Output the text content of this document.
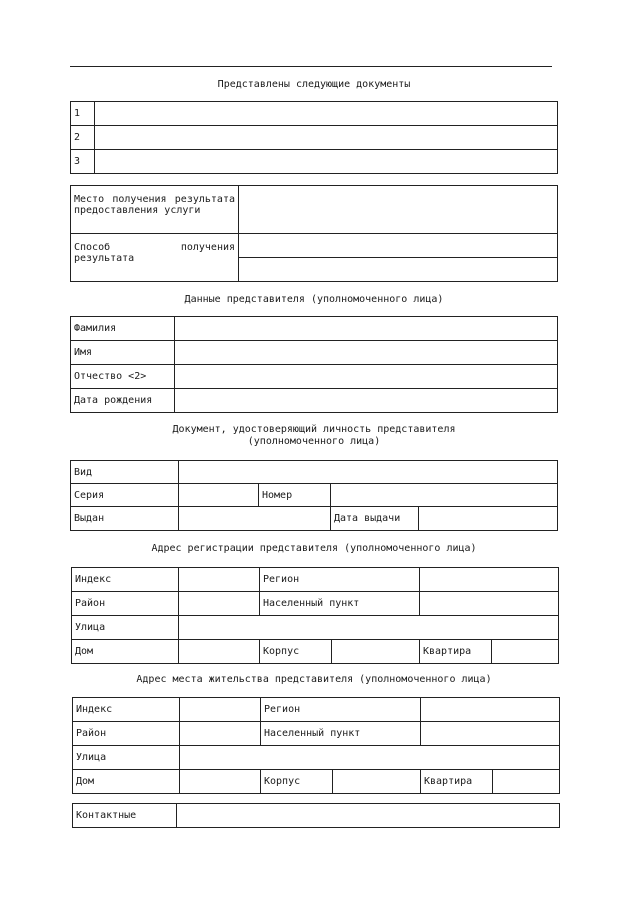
Представлены следующие документы
1	
2	
3	
Место получения результата предоставления услуги	
Способ получения результата	

Данные представителя (уполномоченного лица)
Фамилия	
Имя	
Отчество <2>	
Дата рождения	
Документ, удостоверяющий личность представителя
(уполномоченного лица)
Вид				
Серия		Номер		
Выдан			Дата выдачи	
Адрес регистрации представителя (уполномоченного лица)
Индекс		Регион			
Район		Населенный пункт			
Улица					
Дом		Корпус		Квартира	
Адрес места жительства представителя (уполномоченного лица)
Индекс		Регион			
Район		Населенный пункт			
Улица					
Дом		Корпус		Квартира	
Контактные	
